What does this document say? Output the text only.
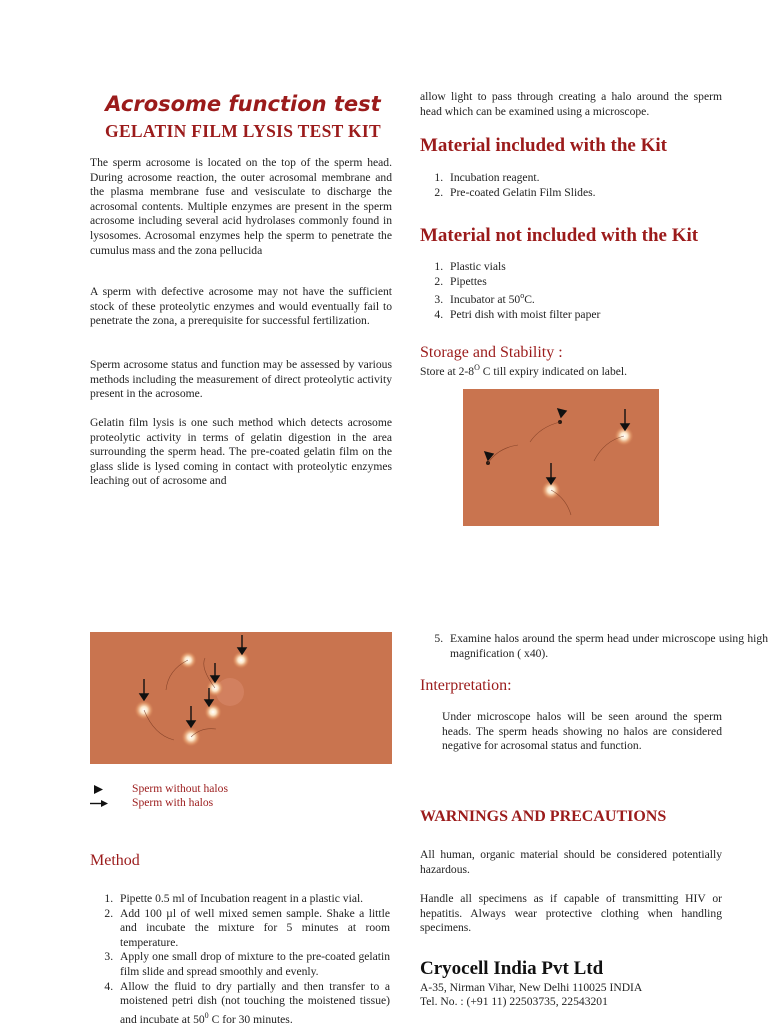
Acrosome function test
GELATIN FILM LYSIS TEST KIT

The sperm acrosome is located on the top of the sperm head. During acrosome reaction, the outer acrosomal membrane and the plasma membrane fuse and vesisculate to discharge the acrosomal contents. Multiple enzymes are present in the sperm acrosome including several acid hydrolases commonly found in lysosomes. Acrosomal enzymes help the sperm to penetrate the cumulus mass and the zona pellucida

A sperm with defective acrosome may not have the sufficient stock of these proteolytic enzymes and would eventually fail to penetrate the zona, a prerequisite for successful fertilization.

Sperm acrosome status and function may be assessed by various methods including the measurement of direct proteolytic activity present in the acrosome.

Gelatin film lysis is one such method which detects acrosome proteolytic activity in terms of gelatin digestion in the area surrounding the sperm head. The pre-coated gelatin film on the glass slide is lysed coming in contact with proteolytic enzymes leaching out of acrosome and

Sperm without halos
Sperm with halos
Method
1. Pipette 0.5 ml of Incubation reagent in a plastic vial.
2. Add 100 µl of well mixed semen sample. Shake a little and incubate the mixture for 5 minutes at room temperature.
3. Apply one small drop of mixture to the pre-coated gelatin film slide and spread smoothly and evenly.
4. Allow the fluid to dry partially and then transfer to a moistened petri dish (not touching the moistened tissue) and incubate at $50^0$ C for 30 minutes.

allow light to pass through creating a halo around the sperm head which can be examined using a microscope.

Material included with the Kit
1. Incubation reagent.
2. Pre-coated Gelatin Film Slides.
Material not included with the Kit
1. Plastic vials
2. Pipettes
3. Incubator at 50$^o$C.
4. Petri dish with moist filter paper
Storage and Stability :
Store at $2-8^O$ C till expiry indicated on label.
5. Examine halos around the sperm head under microscope using high magnification ( x40).
Interpretation:

Under microscope halos will be seen around the sperm heads. The sperm heads showing no halos are considered negative for acrosomal status and function.

WARNINGS AND PRECAUTIONS

All human, organic material should be considered potentially hazardous.

Handle all specimens as if capable of transmitting HIV or hepatitis. Always wear protective clothing when handling specimens.

Cryocell India Pvt Ltd
A-35, Nirman Vihar, New Delhi 110025 INDIA
Tel. No. : (+91 11) 22503735, 22543201
